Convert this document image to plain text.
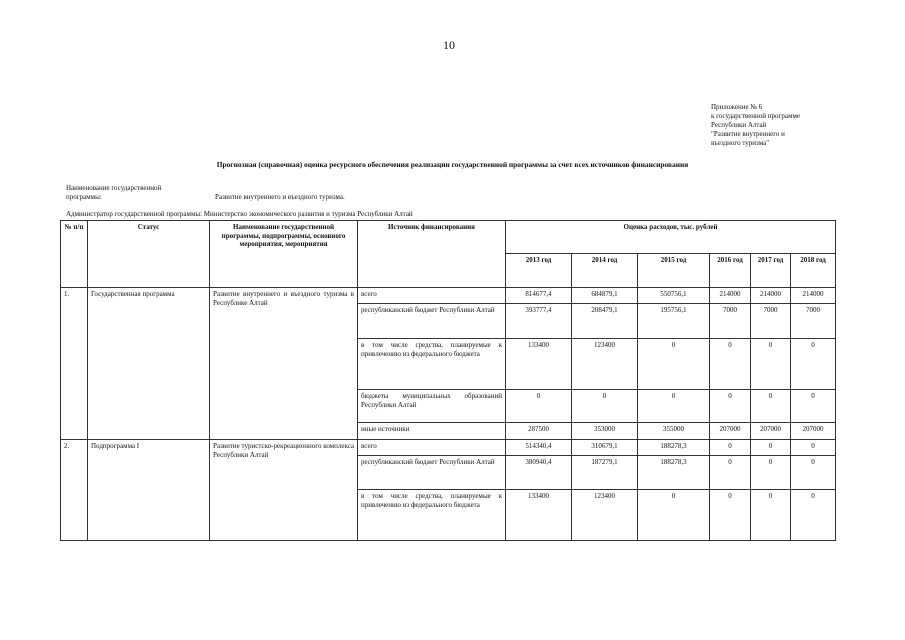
10
Приложение № 6
к государственной программе
Республики Алтай
"Развитие внутреннего и
въездного туризма"
Прогнозная (справочная) оценка ресурсного обеспечения реализации государственной программы за счет всех источников финансирования
Наименование государственной
программы:	Развитие внутреннего и въездного туризма.
Администратор государственной программы: Министерство экономического развития и туризма Республики Алтай
№ п/п	Статус	Наименование государственной программы, подпрограммы, основного мероприятия, мероприятия	Источник финансирования	Оценка расходов, тыс. рублей					
				2013 год	2014 год	2015 год	2016 год	2017 год	2018 год
1.	Государственная программа	Развитие внутреннего и въездного туризма в Республике Алтай	всего	814677,4	684879,1	550756,1	214000	214000	214000
			республиканский бюджет Республики Алтай	393777,4	208479,1	195756,1	7000	7000	7000
			в том числе средства, планируемые к привлечению из федерального бюджета	133400	123400	0	0	0	0
			бюджеты муниципальных образований Республики Алтай	0	0	0	0	0	0
			иные источники	287500	353000	355000	207000	207000	207000
2.	Подпрограмма I	Развитие туристско-рекреационного комплекса Республики Алтай	всего	514340,4	310679,1	188278,3	0	0	0
			республиканский бюджет Республики Алтай	380940,4	187279,1	188278,3	0	0	0
			в том числе средства, планируемые к привлечению из федерального бюджета	133400	123400	0	0	0	0
